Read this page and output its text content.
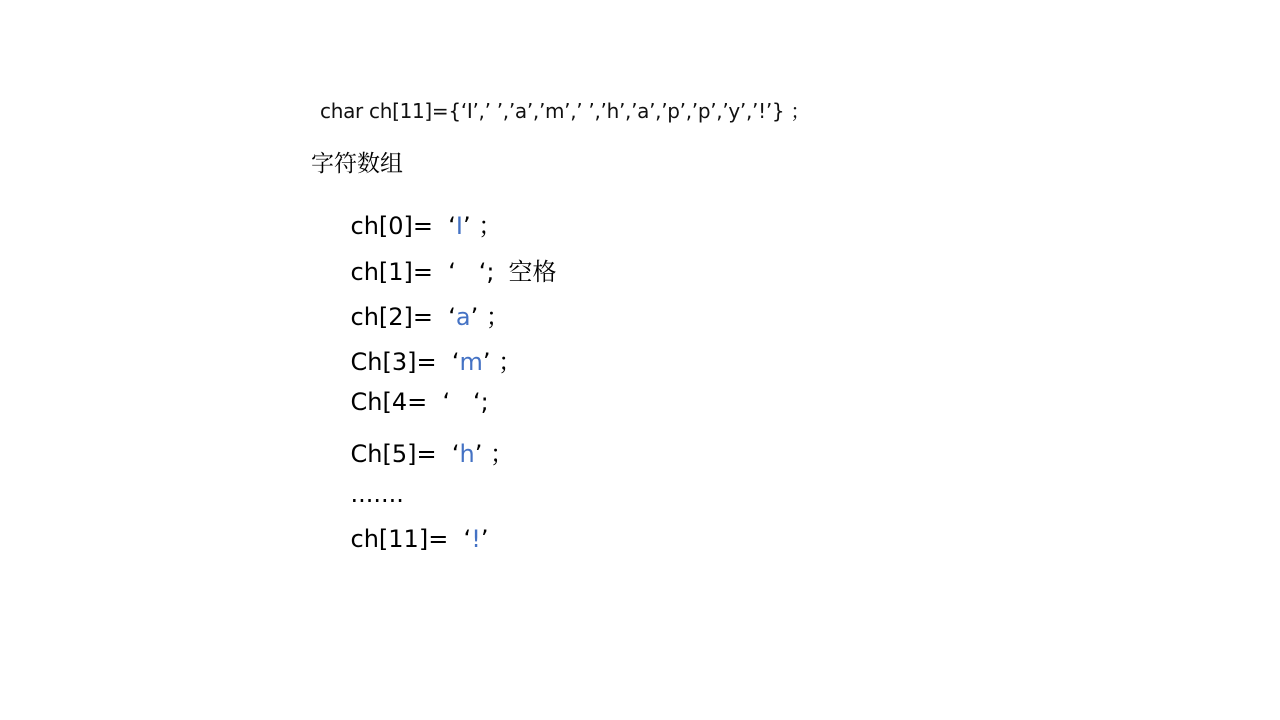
char ch[11]={‘I’,’ ’,’a’,’m’,’ ’,’h’,’a’,’p’,’p’,’y’,’!’} ；
字符数组

ch[0]=  ‘I’ ；

ch[1]=  ‘   ‘; 空格

ch[2]=  ‘a’ ；

Ch[3]=  ‘m’ ；

Ch[4=  ‘   ‘;

Ch[5]=  ‘h’ ；

.......

ch[11]=  ‘!’
